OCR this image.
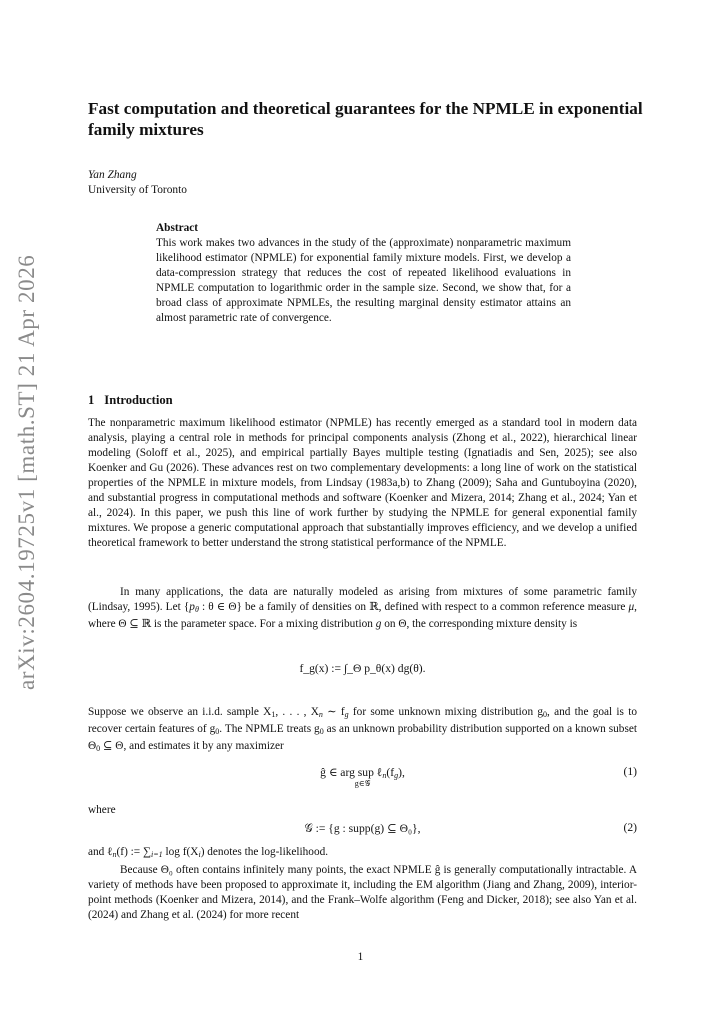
arXiv:2604.19725v1 [math.ST] 21 Apr 2026
Fast computation and theoretical guarantees for the NPMLE in exponential family mixtures
Yan Zhang
University of Toronto
Abstract
This work makes two advances in the study of the (approximate) nonparametric maximum likelihood estimator (NPMLE) for exponential family mixture models. First, we develop a data-compression strategy that reduces the cost of repeated likelihood evaluations in NPMLE computation to logarithmic order in the sample size. Second, we show that, for a broad class of approximate NPMLEs, the resulting marginal density estimator attains an almost parametric rate of convergence.
1 Introduction
The nonparametric maximum likelihood estimator (NPMLE) has recently emerged as a standard tool in modern data analysis, playing a central role in methods for principal components analysis (Zhong et al., 2022), hierarchical linear modeling (Soloff et al., 2025), and empirical partially Bayes multiple testing (Ignatiadis and Sen, 2025); see also Koenker and Gu (2026). These advances rest on two complementary developments: a long line of work on the statistical properties of the NPMLE in mixture models, from Lindsay (1983a,b) to Zhang (2009); Saha and Guntuboyina (2020), and substantial progress in computational methods and software (Koenker and Mizera, 2014; Zhang et al., 2024; Yan et al., 2024). In this paper, we push this line of work further by studying the NPMLE for general exponential family mixtures. We propose a generic computational approach that substantially improves efficiency, and we develop a unified theoretical framework to better understand the strong statistical performance of the NPMLE.
In many applications, the data are naturally modeled as arising from mixtures of some parametric family (Lindsay, 1995). Let {$p_\theta$ : θ ∈ Θ} be a family of densities on ℝ, defined with respect to a common reference measure μ, where Θ ⊆ ℝ is the parameter space. For a mixing distribution g on Θ, the corresponding mixture density is
f_g(x) := ∫_Θ p_θ(x) dg(θ).
Suppose we observe an i.i.d. sample $X_1$, . . . , $X_n$ ∼ $f_g$ for some unknown mixing distribution $g_0$, and the goal is to recover certain features of $g_0$. The NPMLE treats $g_0$ as an unknown probability distribution supported on a known subset $\Theta_0$ ⊆ Θ, and estimates it by any maximizer
ĝ ∈ arg sup $\ell_n(f_g)$,
g∈𝒢
(1)
where
𝒢 := {g : supp(g) ⊆ Θ₀},	(2)
and ℓ$_n$(f) := $\sum_{i=1}$ $\log f(X_i)$ denotes the log-likelihood.
Because Θ₀ often contains infinitely many points, the exact NPMLE ĝ is generally computationally intractable. A variety of methods have been proposed to approximate it, including the EM algorithm (Jiang and Zhang, 2009), interior-point methods (Koenker and Mizera, 2014), and the Frank–Wolfe algorithm (Feng and Dicker, 2018); see also Yan et al. (2024) and Zhang et al. (2024) for more recent
1
